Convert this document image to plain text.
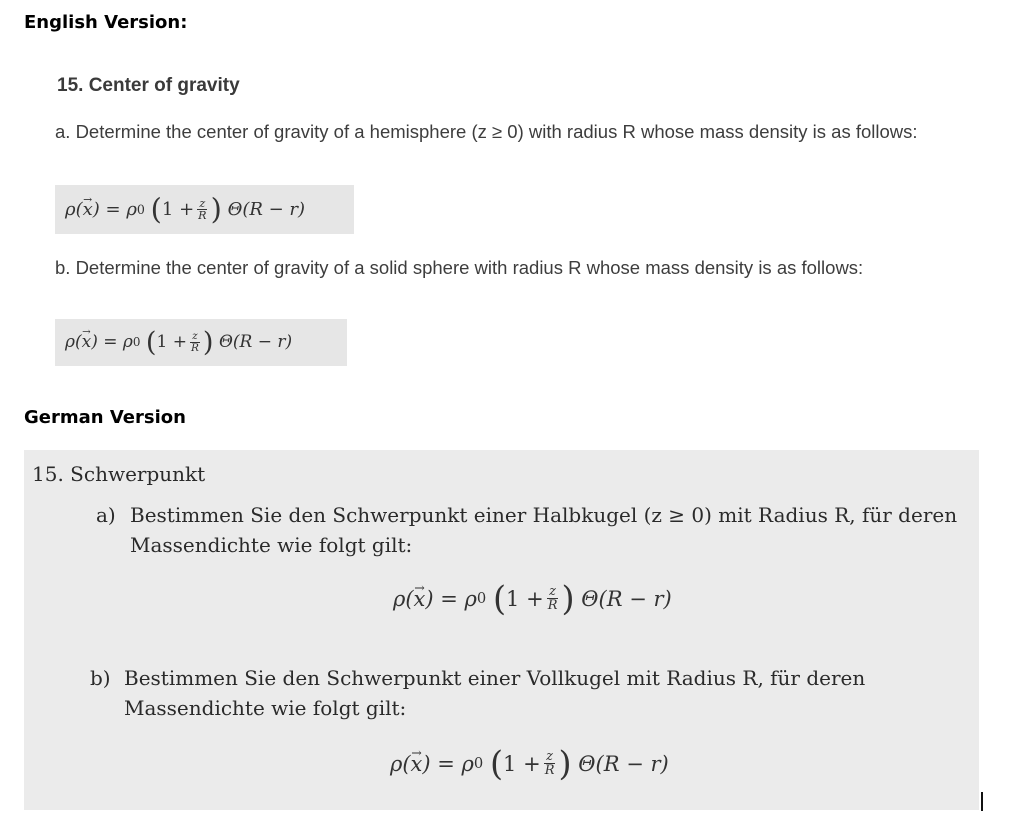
English Version:
15. Center of gravity
a. Determine the center of gravity of a hemisphere (z ≥ 0) with radius R whose mass density is as follows:
ρ( x → ) = ρ 0
( $1 + \frac{z}{R}$ )
Θ(R − r)
b. Determine the center of gravity of a solid sphere with radius R whose mass density is as follows:
ρ( x → ) = ρ 0
( $1 + \frac{z}{R}$ )
Θ(R − r)
German Version
15. Schwerpunkt
a) Bestimmen Sie den Schwerpunkt einer Halbkugel (z ≥ 0) mit Radius R, für deren Massendichte wie folgt gilt:
ρ( x → ) = ρ 0
( $1 + \frac{z}{R}$ )
Θ(R − r)
b) Bestimmen Sie den Schwerpunkt einer Vollkugel mit Radius R, für deren Massendichte wie folgt gilt:
ρ( x → ) = ρ 0
( $1 + \frac{z}{R}$ )
Θ(R − r)
